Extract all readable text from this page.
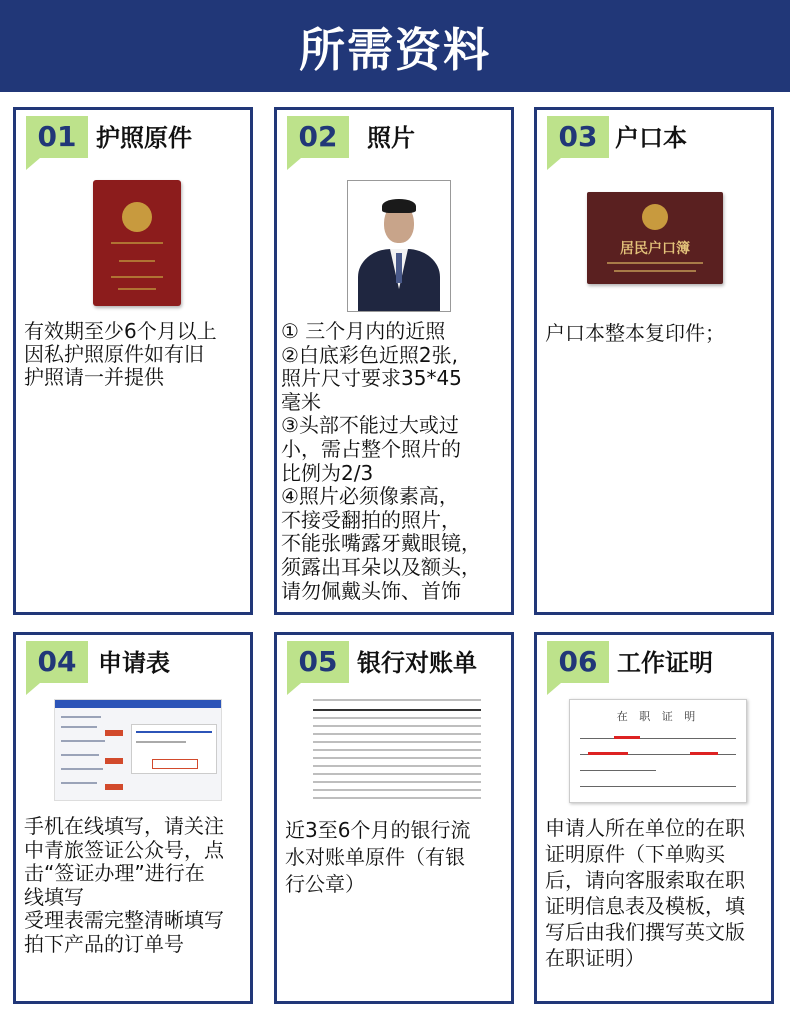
所需资料
01 护照原件
有效期至少6个月以上
因私护照原件如有旧
护照请一并提供
02	照片
① 三个月内的近照
②白底彩色近照2张,
照片尺寸要求35*45
毫米
③头部不能过大或过
小，需占整个照片的
比例为2/3
④照片必须像素高，
不接受翻拍的照片，
不能张嘴露牙戴眼镜，
须露出耳朵以及额头，
请勿佩戴头饰、首饰
03 户口本
居民户口簿
户口本整本复印件；
04 申请表
手机在线填写，请关注
中青旅签证公众号，点
击“签证办理”进行在
线填写
受理表需完整清晰填写
拍下产品的订单号
05 银行对账单
近3至6个月的银行流
水对账单原件（有银
行公章）
06 工作证明
在 职 证 明
申请人所在单位的在职
证明原件（下单购买
后，请向客服索取在职
证明信息表及模板，填
写后由我们撰写英文版
在职证明）
